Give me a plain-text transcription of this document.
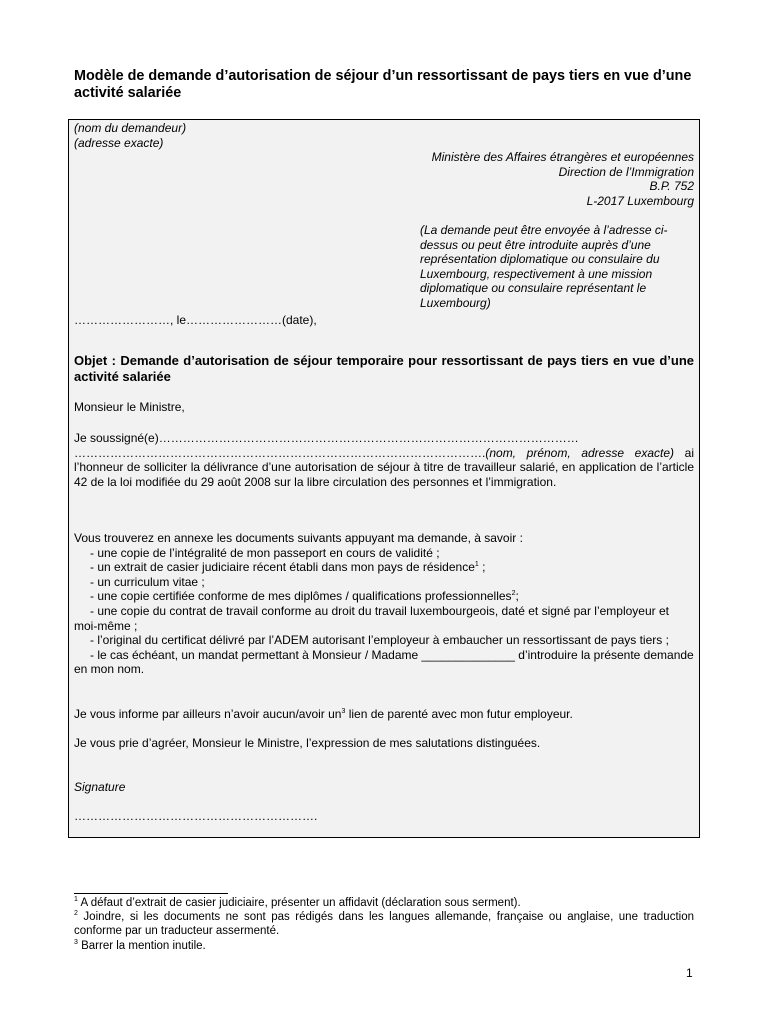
Modèle de demande d’autorisation de séjour d’un ressortissant de pays tiers en vue d’une activité salariée
(nom du demandeur)
(adresse exacte)
Ministère des Affaires étrangères et européennes
Direction de l’Immigration
B.P. 752
L-2017 Luxembourg
(La demande peut être envoyée à l’adresse ci-dessus ou peut être introduite auprès d’une représentation diplomatique ou consulaire du Luxembourg, respectivement à une mission diplomatique ou consulaire représentant le Luxembourg)
……………………, le……………………(date),
Objet : Demande d’autorisation de séjour temporaire pour ressortissant de pays tiers en vue d’une activité salariée
Monsieur le Ministre,
Je soussigné(e)……………………………………………………………………………………………
………………………………………………………………………………………….(nom, prénom, adresse exacte) ai l’honneur de solliciter la délivrance d’une autorisation de séjour à titre de travailleur salarié, en application de l’article 42 de la loi modifiée du 29 août 2008 sur la libre circulation des personnes et l’immigration.
Vous trouverez en annexe les documents suivants appuyant ma demande, à savoir :
- une copie de l’intégralité de mon passeport en cours de validité ;
- un extrait de casier judiciaire récent établi dans mon pays de résidence$^1$ ;
- un curriculum vitae ;
- une copie certifiée conforme de mes diplômes / qualifications professionnelles$^2$;
- une copie du contrat de travail conforme au droit du travail luxembourgeois, daté et signé par l’employeur et moi-même ;
- l’original du certificat délivré par l’ADEM autorisant l’employeur à embaucher un ressortissant de pays tiers ;
- le cas échéant, un mandat permettant à Monsieur / Madame ______________ d’introduire la présente demande en mon nom.
Je vous informe par ailleurs n’avoir aucun/avoir $un^3$ lien de parenté avec mon futur employeur.
Je vous prie d’agréer, Monsieur le Ministre, l’expression de mes salutations distinguées.
Signature
…………………………………………………….
$^1$ A défaut d’extrait de casier judiciaire, présenter un affidavit (déclaration sous serment).
$^2$ Joindre, si les documents ne sont pas rédigés dans les langues allemande, française ou anglaise, une traduction conforme par un traducteur assermenté.
$^3$ Barrer la mention inutile.
1
